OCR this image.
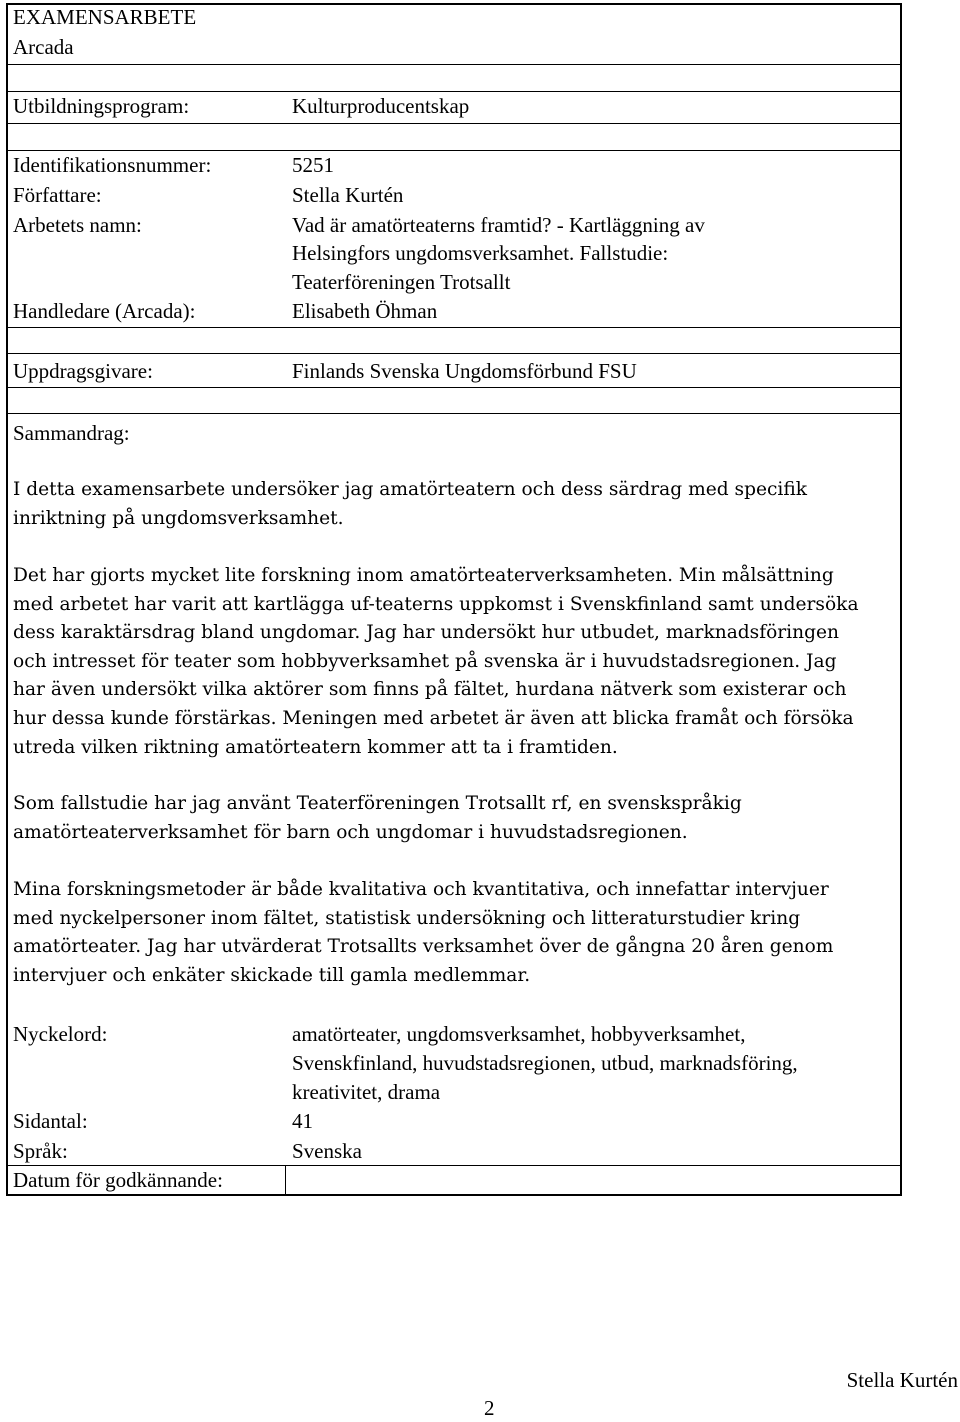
EXAMENSARBETE
Arcada
Utbildningsprogram:	Kulturproducentskap
Identifikationsnummer:	5251
Författare:	Stella Kurtén
Arbetets namn:	Vad är amatörteaterns framtid? - Kartläggning av
Helsingfors ungdomsverksamhet. Fallstudie:
Teaterföreningen Trotsallt
Handledare (Arcada):	Elisabeth Öhman
Uppdragsgivare:	Finlands Svenska Ungdomsförbund FSU
Sammandrag:

I detta examensarbete undersöker jag amatörteatern och dess särdrag med specifik

inriktning på ungdomsverksamhet.

Det har gjorts mycket lite forskning inom amatörteaterverksamheten. Min målsättning

med arbetet har varit att kartlägga uf-teaterns uppkomst i Svenskfinland samt undersöka

dess karaktärsdrag bland ungdomar. Jag har undersökt hur utbudet, marknadsföringen

och intresset för teater som hobbyverksamhet på svenska är i huvudstadsregionen. Jag

har även undersökt vilka aktörer som finns på fältet, hurdana nätverk som existerar och

hur dessa kunde förstärkas. Meningen med arbetet är även att blicka framåt och försöka

utreda vilken riktning amatörteatern kommer att ta i framtiden.

Som fallstudie har jag använt Teaterföreningen Trotsallt rf, en svenskspråkig

amatörteaterverksamhet för barn och ungdomar i huvudstadsregionen.

Mina forskningsmetoder är både kvalitativa och kvantitativa, och innefattar intervjuer

med nyckelpersoner inom fältet, statistisk undersökning och litteraturstudier kring

amatörteater. Jag har utvärderat Trotsallts verksamhet över de gångna 20 åren genom

intervjuer och enkäter skickade till gamla medlemmar.

Nyckelord:	amatörteater, ungdomsverksamhet, hobbyverksamhet,
Svenskfinland, huvudstadsregionen, utbud, marknadsföring,
kreativitet, drama
Sidantal:	41
Språk:	Svenska
Datum för godkännande:
Stella Kurtén
2
